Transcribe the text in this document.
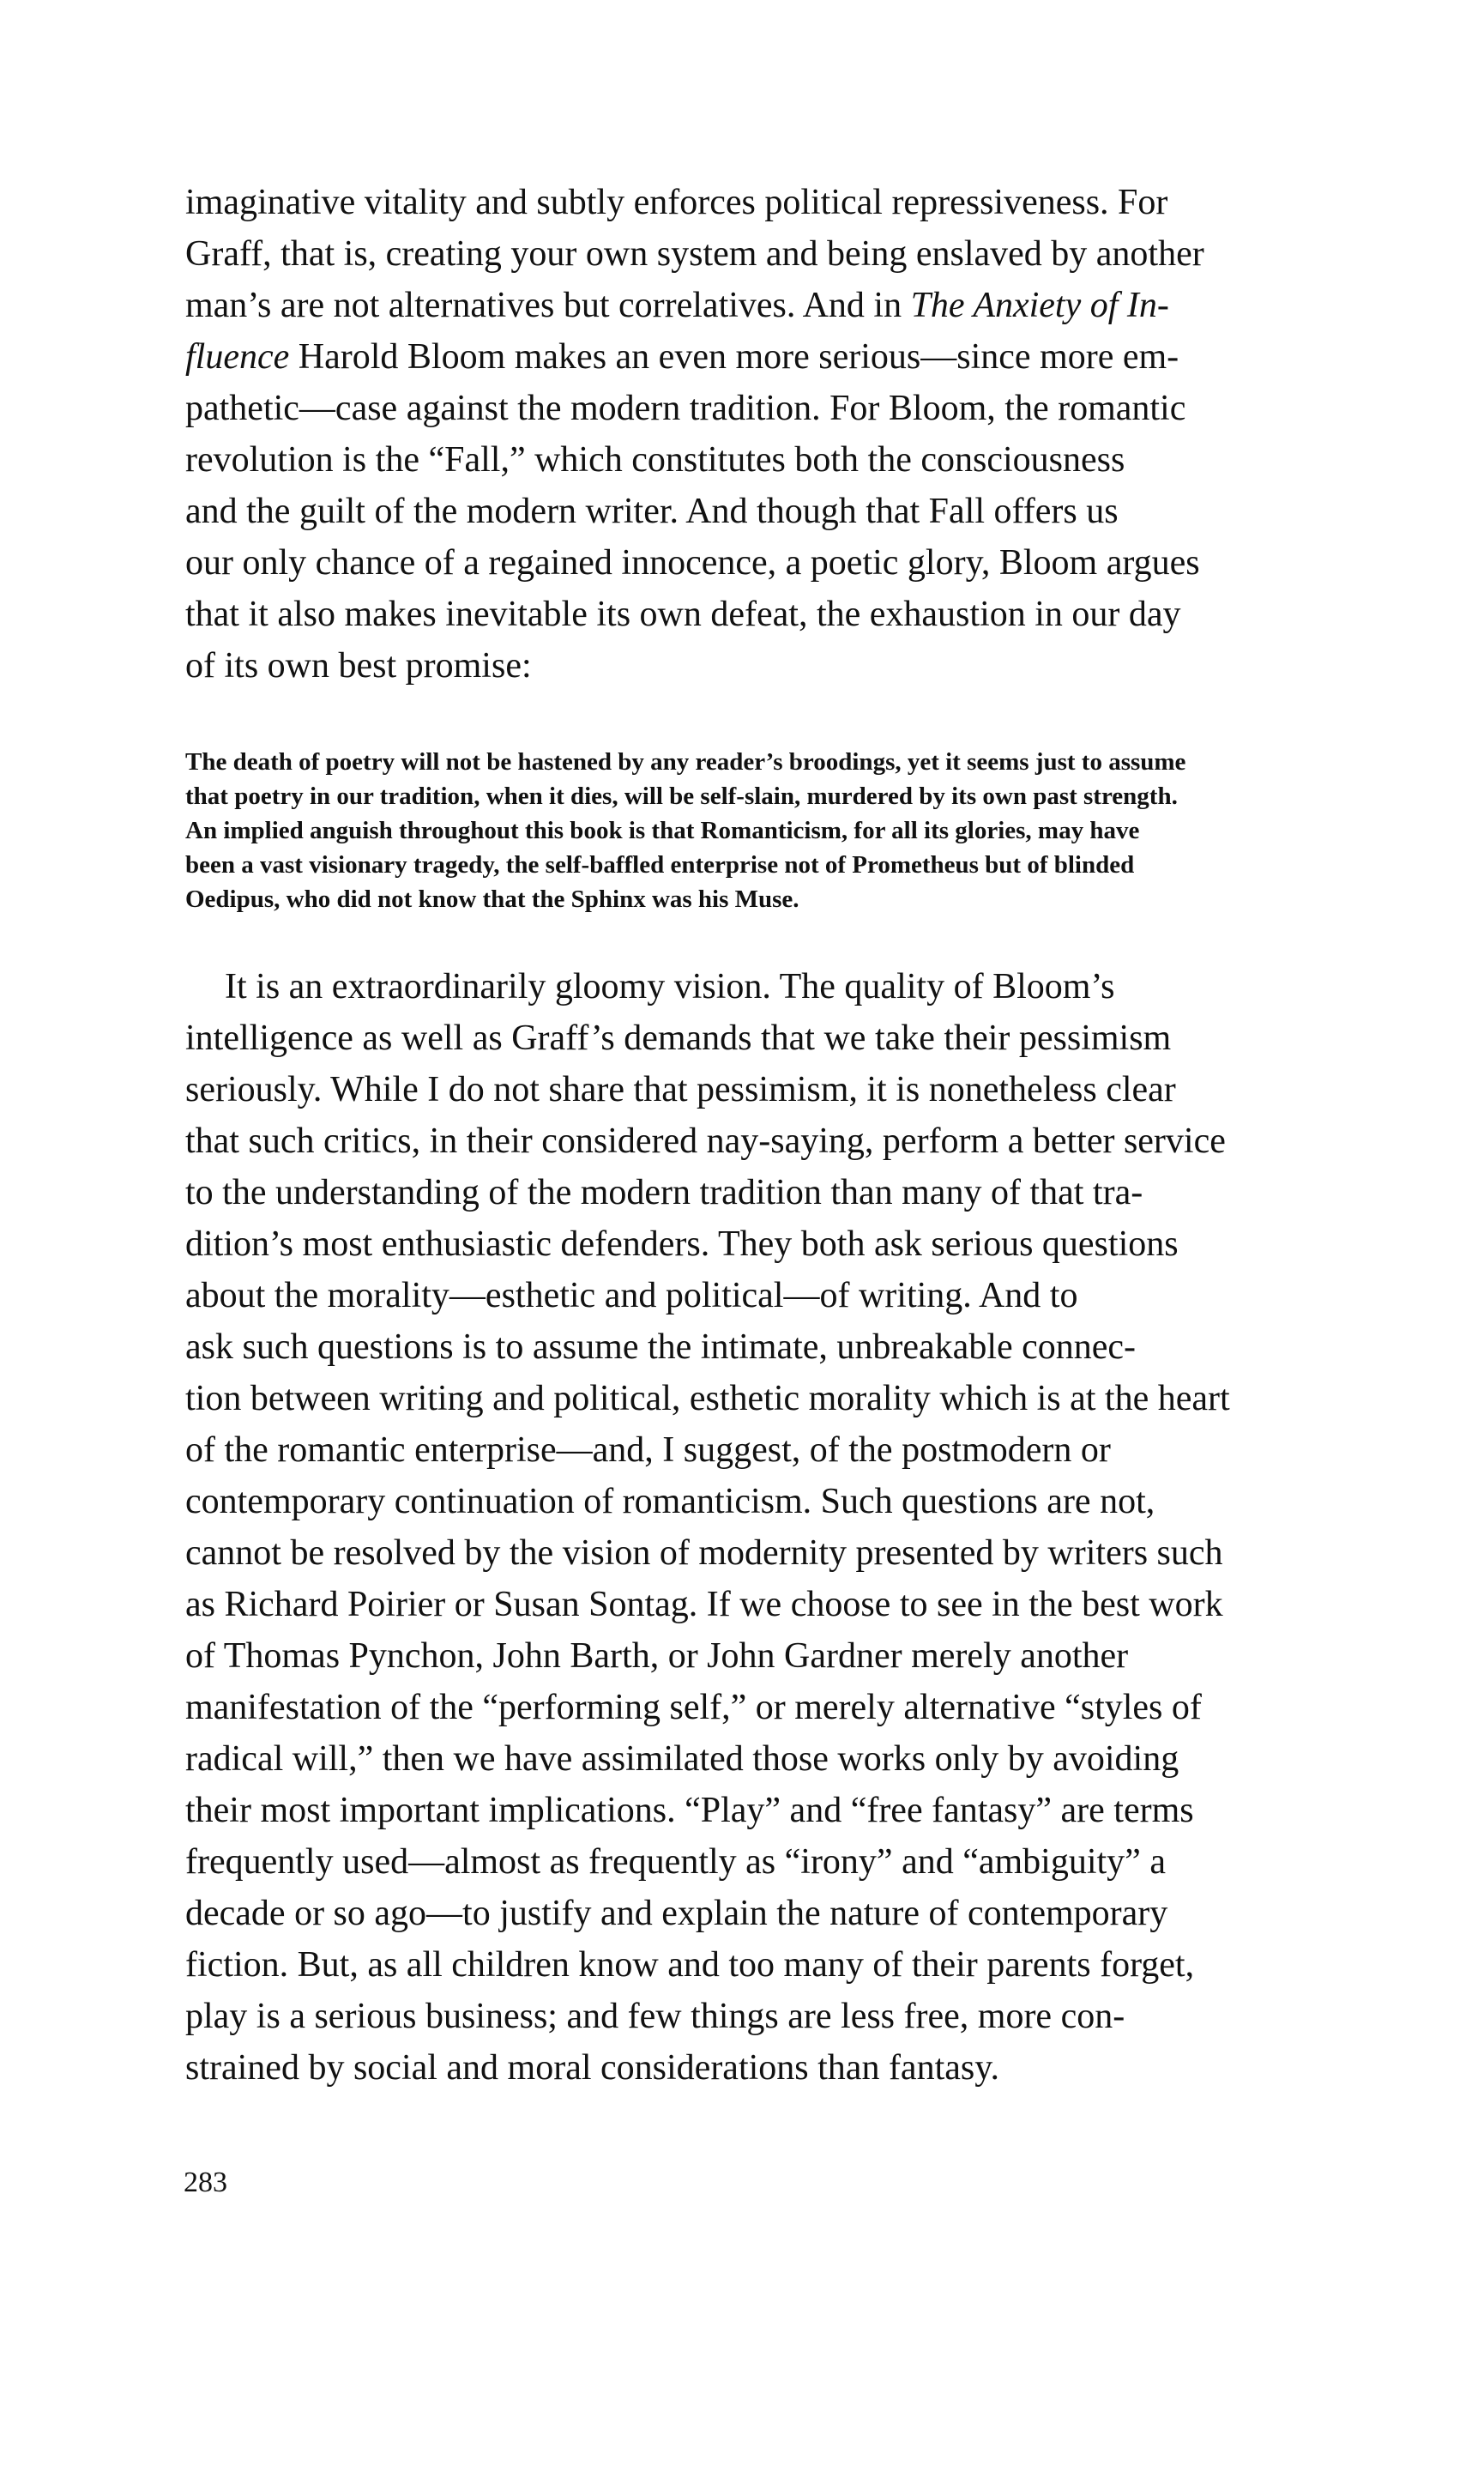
imaginative vitality and subtly enforces political repressiveness. For

Graff, that is, creating your own system and being enslaved by another

man’s are not alternatives but correlatives. And in The Anxiety of In-

fluence Harold Bloom makes an even more serious—since more em-

pathetic—case against the modern tradition. For Bloom, the romantic

revolution is the “Fall,” which constitutes both the consciousness

and the guilt of the modern writer. And though that Fall offers us

our only chance of a regained innocence, a poetic glory, Bloom argues

that it also makes inevitable its own defeat, the exhaustion in our day

of its own best promise:

The death of poetry will not be hastened by any reader’s broodings, yet it seems just to assume

that poetry in our tradition, when it dies, will be self-slain, murdered by its own past strength.

An implied anguish throughout this book is that Romanticism, for all its glories, may have

been a vast visionary tragedy, the self-baffled enterprise not of Prometheus but of blinded

Oedipus, who did not know that the Sphinx was his Muse.

It is an extraordinarily gloomy vision. The quality of Bloom’s

intelligence as well as Graff’s demands that we take their pessimism

seriously. While I do not share that pessimism, it is nonetheless clear

that such critics, in their considered nay-saying, perform a better service

to the understanding of the modern tradition than many of that tra-

dition’s most enthusiastic defenders. They both ask serious questions

about the morality—esthetic and political—of writing. And to

ask such questions is to assume the intimate, unbreakable connec-

tion between writing and political, esthetic morality which is at the heart

of the romantic enterprise—and, I suggest, of the postmodern or

contemporary continuation of romanticism. Such questions are not,

cannot be resolved by the vision of modernity presented by writers such

as Richard Poirier or Susan Sontag. If we choose to see in the best work

of Thomas Pynchon, John Barth, or John Gardner merely another

manifestation of the “performing self,” or merely alternative “styles of

radical will,” then we have assimilated those works only by avoiding

their most important implications. “Play” and “free fantasy” are terms

frequently used—almost as frequently as “irony” and “ambiguity” a

decade or so ago—to justify and explain the nature of contemporary

fiction. But, as all children know and too many of their parents forget,

play is a serious business; and few things are less free, more con-

strained by social and moral considerations than fantasy.

283
